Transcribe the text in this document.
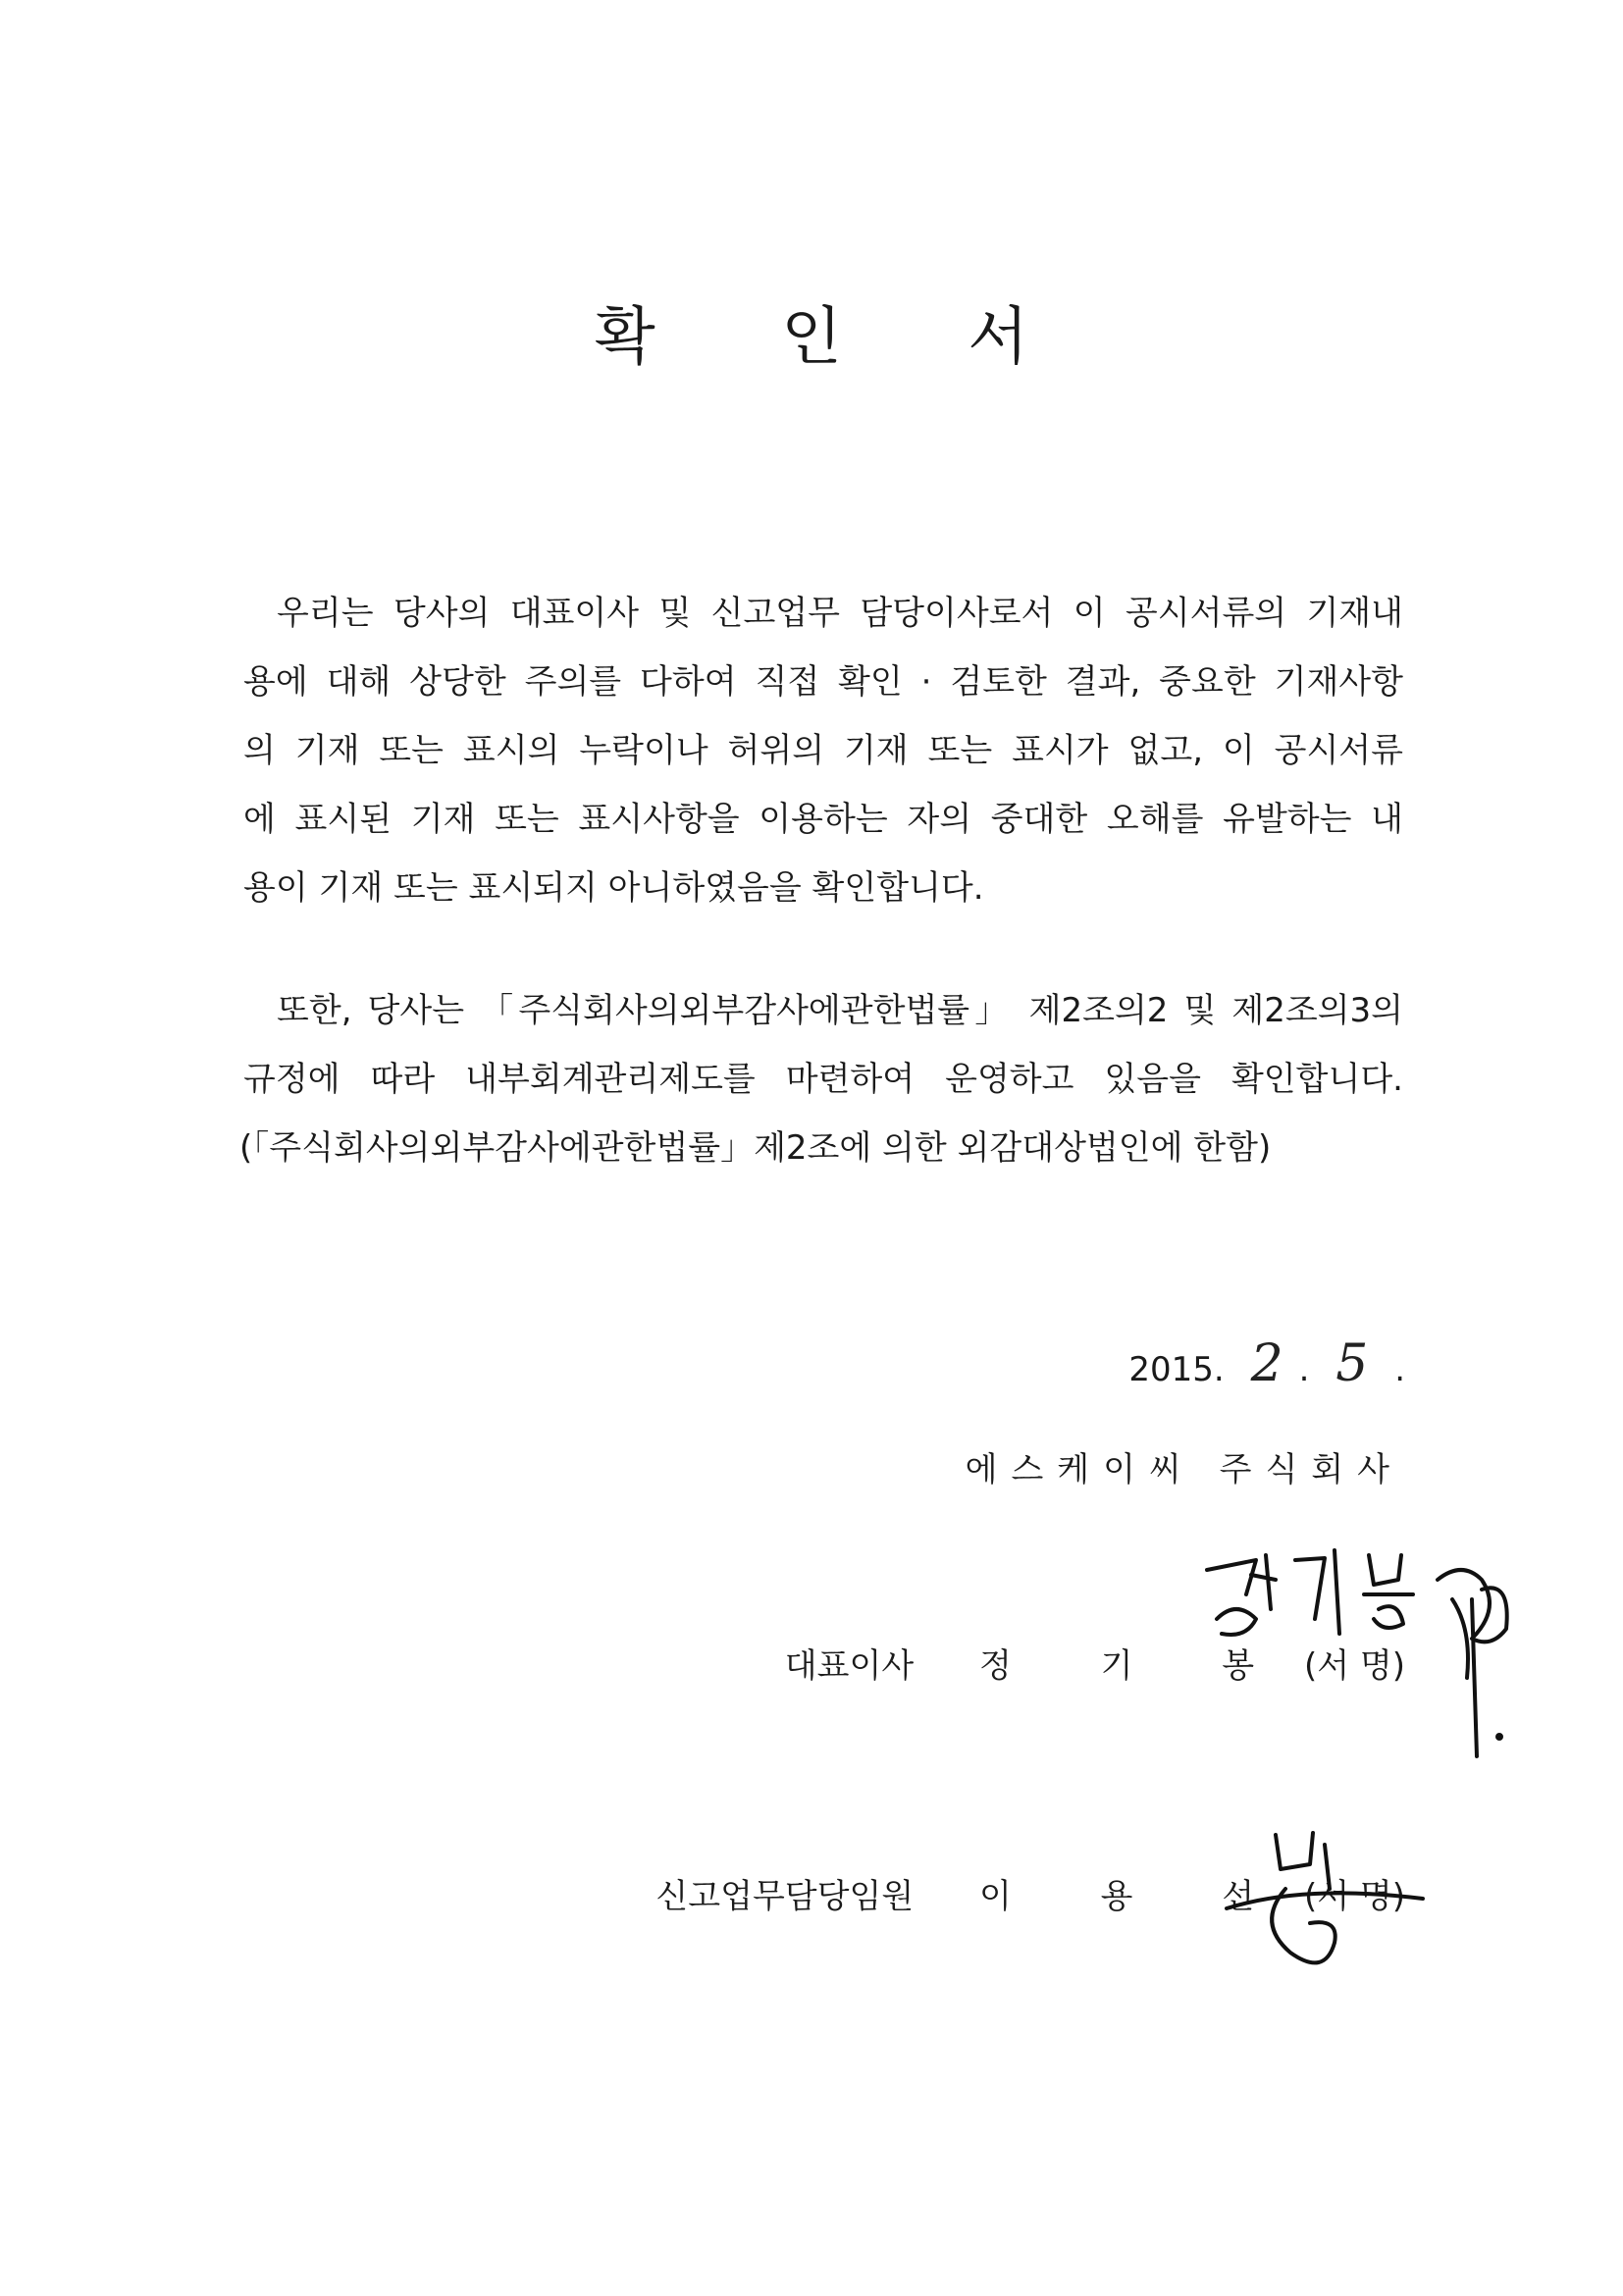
확 인 서
우리는 당사의 대표이사 및 신고업무 담당이사로서 이 공시서류의 기재내
용에 대해 상당한 주의를 다하여 직접 확인 · 검토한 결과, 중요한 기재사항
의 기재 또는 표시의 누락이나 허위의 기재 또는 표시가 없고, 이 공시서류
에 표시된 기재 또는 표시사항을 이용하는 자의 중대한 오해를 유발하는 내
용이 기재 또는 표시되지 아니하였음을 확인합니다.
또한, 당사는 「주식회사의외부감사에관한법률」 제2조의2 및 제2조의3의
규정에 따라 내부회계관리제도를 마련하여 운영하고 있음을 확인합니다.
(「주식회사의외부감사에관한법률」제2조에 의한 외감대상법인에 한함)
2015. 2 . 5 .
에스케이씨 주식회사
대표이사 정 기 봉 (서 명)
신고업무담당임원 이 용 선 (서 명)
